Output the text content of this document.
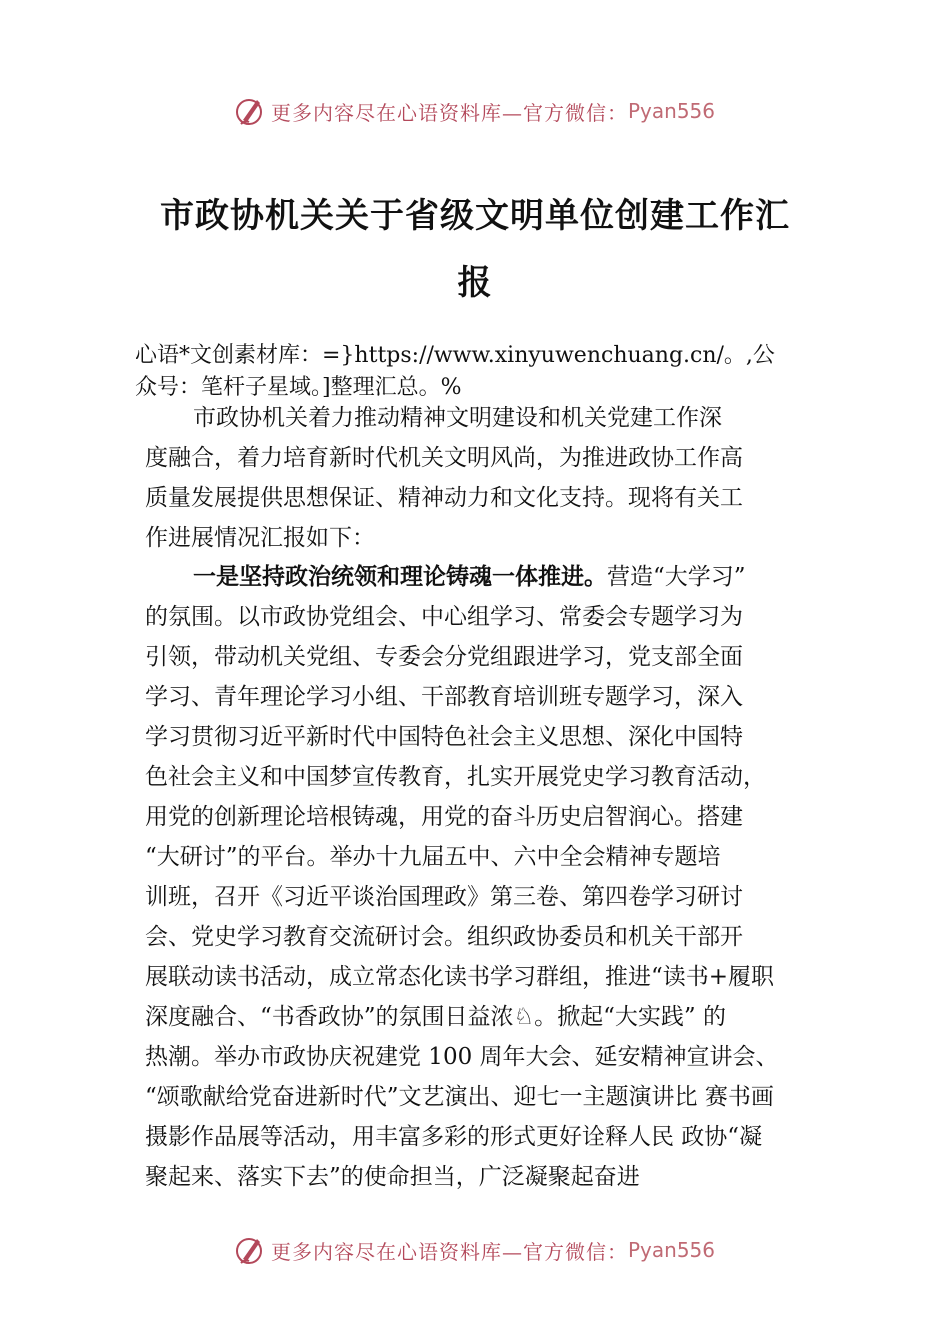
更多内容尽在心语资料库—官方微信： Pyan556
市政协机关关于省级文明单位创建工作汇
报
心语*文创素材库：=}https://www.xinyuwenchuang.cn/。,公
众号：笔杆子星域。]整理汇总。%
市政协机关着力推动精神文明建设和机关党建工作深
度融合，着力培育新时代机关文明风尚，为推进政协工作高
质量发展提供思想保证、精神动力和文化支持。现将有关工
作进展情况汇报如下：
一是坚持政治统领和理论铸魂一体推进。营造“大学习”
的氛围。以市政协党组会、中心组学习、常委会专题学习为
引领，带动机关党组、专委会分党组跟进学习，党支部全面
学习、青年理论学习小组、干部教育培训班专题学习，深入
学习贯彻习近平新时代中国特色社会主义思想、深化中国特
色社会主义和中国梦宣传教育，扎实开展党史学习教育活动，
用党的创新理论培根铸魂，用党的奋斗历史启智润心。搭建
“大研讨”的平台。举办十九届五中、六中全会精神专题培
训班，召开《习近平谈治国理政》第三卷、第四卷学习研讨
会、党史学习教育交流研讨会。组织政协委员和机关干部开
展联动读书活动，成立常态化读书学习群组，推进“读书+履职
深度融合、“书香政协”的氛围日益浓♘。掀起“大实践” 的
热潮。举办市政协庆祝建党 100 周年大会、延安精神宣讲会、
“颂歌献给党奋进新时代”文艺演出、迎七一主题演讲比 赛书画
摄影作品展等活动，用丰富多彩的形式更好诠释人民 政协“凝
聚起来、落实下去”的使命担当，广泛凝聚起奋进
更多内容尽在心语资料库—官方微信： Pyan556
